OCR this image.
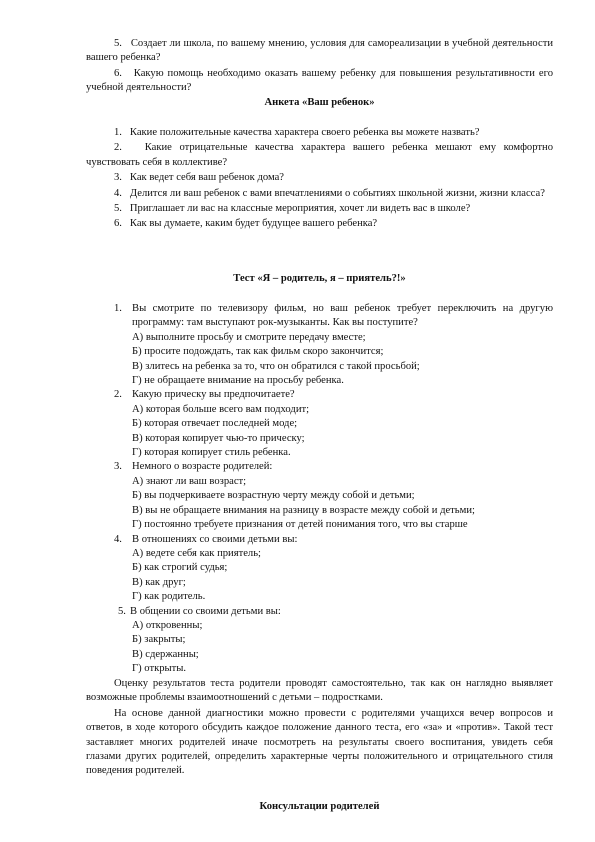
5. Создает ли школа, по вашему мнению, условия для самореализации в учебной деятельности вашего ребенка?

6. Какую помощь необходимо оказать вашему ребенку для повышения результативности его учебной деятельности?

Анкета «Ваш ребенок»

1. Какие положительные качества характера своего ребенка вы можете назвать?

2. Какие отрицательные качества характера вашего ребенка мешают ему комфортно чувствовать себя в коллективе?

3. Как ведет себя ваш ребенок дома?

4. Делится ли ваш ребенок с вами впечатлениями о событиях школьной жизни, жизни класса?

5. Приглашает ли вас на классные мероприятия, хочет ли видеть вас в школе?

6. Как вы думаете, каким будет будущее вашего ребенка?

Тест «Я – родитель, я – приятель?!»

1. Вы смотрите по телевизору фильм, но ваш ребенок требует переключить на другую программу: там выступают рок-музыканты. Как вы поступите?

А) выполните просьбу и смотрите передачу вместе;

Б) просите подождать, так как фильм скоро закончится;

В) злитесь на ребенка за то, что он обратился с такой просьбой;

Г) не обращаете внимание на просьбу ребенка.

2. Какую прическу вы предпочитаете?

А) которая больше всего вам подходит;

Б) которая отвечает последней моде;

В) которая копирует чью-то прическу;

Г) которая копирует стиль ребенка.

3. Немного о возрасте родителей:

А) знают ли ваш возраст;

Б) вы подчеркиваете возрастную черту между собой и детьми;

В) вы не обращаете внимания на разницу в возрасте между собой и детьми;

Г) постоянно требуете признания от детей понимания того, что вы старше

4. В отношениях со своими детьми вы:

А) ведете себя как приятель;

Б) как строгий судья;

В) как друг;

Г) как родитель.

5. В общении со своими детьми вы:

А) откровенны;

Б) закрыты;

В) сдержанны;

Г) открыты.

Оценку результатов теста родители проводят самостоятельно, так как он наглядно выявляет возможные проблемы взаимоотношений с детьми – подростками.

На основе данной диагностики можно провести с родителями учащихся вечер вопросов и ответов, в ходе которого обсудить каждое положение данного теста, его «за» и «против». Такой тест заставляет многих родителей иначе посмотреть на результаты своего воспитания, увидеть себя глазами других родителей, определить характерные черты положительного и отрицательного стиля поведения родителей.

Консультации родителей
